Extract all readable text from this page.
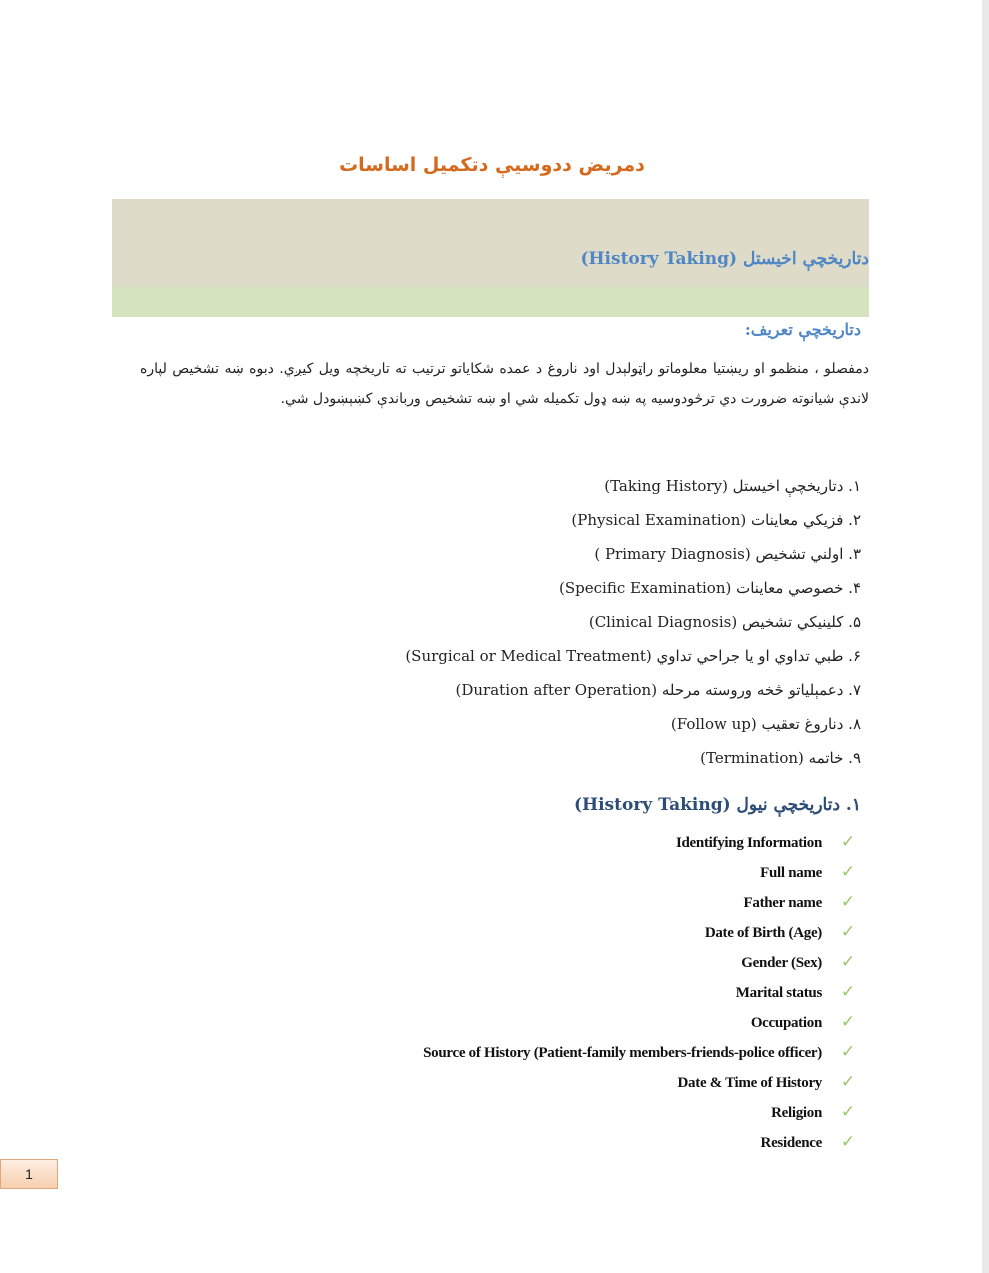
دمريض ددوسيې دتکميل اساسات
دتاريخچې اخيستل (History Taking)
دتاريخچې تعريف:
دمفصلو ، منظمو او ريښتيا معلوماتو راټولېدل اود ناروغ د عمده شکاياتو ترتيب ته تاريخچه ويل کيږي. دبوه ښه تشخيص لپاره لاندې شيانوته ضرورت دي ترڅودوسيه په ښه ډول تکميله شي او ښه تشخيص ورباندې کښېښودل شي.
۱. دتاريخچې اخيستل (Taking History)
۲. فزيکي معاينات (Physical Examination)
۳. اولني تشخيص (Primary Diagnosis )
۴. خصوصي معاينات (Specific Examination)
۵. کلينيکي تشخيص (Clinical Diagnosis)
۶. طبي تداوي او يا جراحي تداوي (Surgical or Medical Treatment)
۷. دعمېلياتو څخه وروسته مرحله (Duration after Operation)
۸. دناروغ تعقيب (Follow up)
۹. خاتمه (Termination)
۱. دتاريخچې نيول (History Taking)
Identifying Information ✓
Full name ✓
Father name ✓
Date of Birth (Age) ✓
Gender (Sex) ✓
Marital status ✓
Occupation ✓
Source of History (Patient-family members-friends-police officer) ✓
Date & Time of History ✓
Religion ✓
Residence ✓
1
